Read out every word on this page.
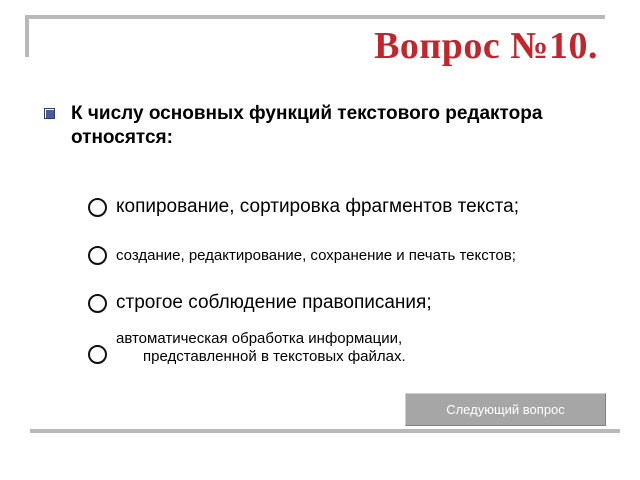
Вопрос №10.
К числу основных функций текстового редактора относятся:
копирование, сортировка фрагментов текста;
создание, редактирование, сохранение и печать текстов;
строгое соблюдение правописания;
автоматическая обработка информации,
представленной в текстовых файлах.
Следующий вопрос
